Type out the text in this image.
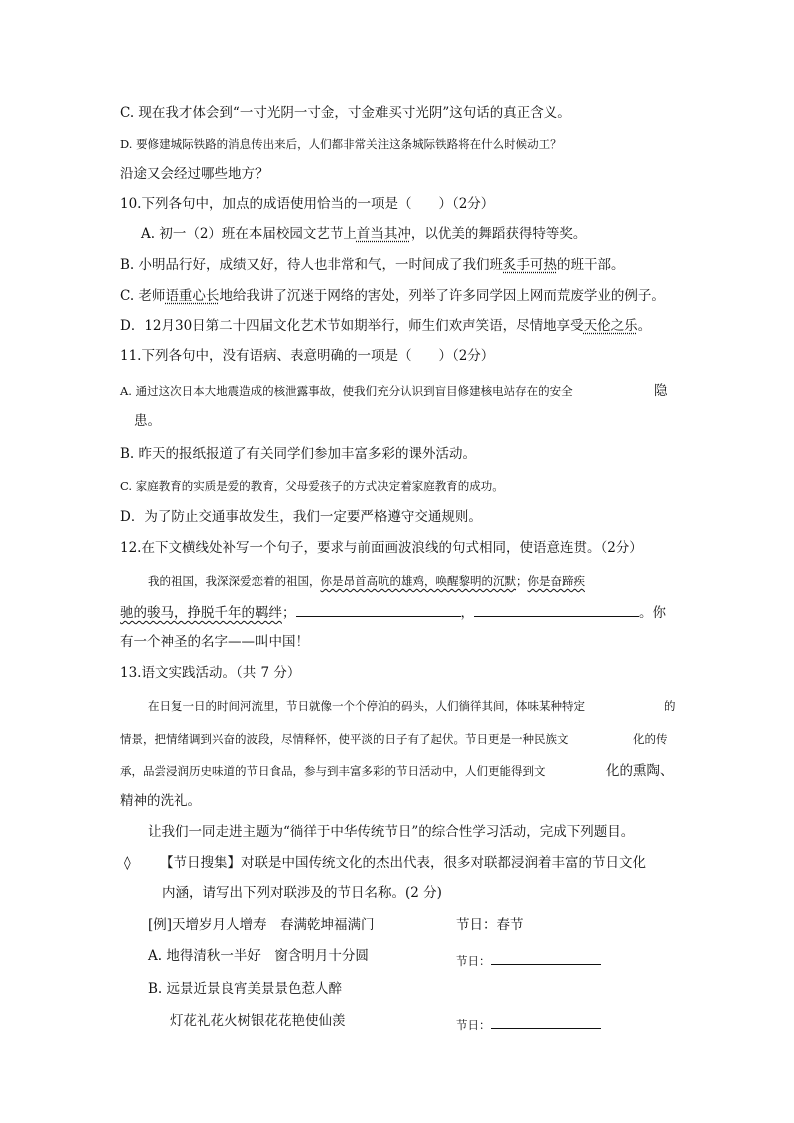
C. 现在我才体会到“一寸光阴一寸金，寸金难买寸光阴”这句话的真正含义。
D. 要修建城际铁路的消息传出来后，人们都非常关注这条城际铁路将在什么时候动工？
沿途又会经过哪些地方？
10.下列各句中，加点的成语使用恰当的一项是（　　）（2分）
A. 初一（2）班在本届校园文艺节上首当其冲，以优美的舞蹈获得特等奖。
B. 小明品行好，成绩又好，待人也非常和气，一时间成了我们班炙手可热的班干部。
C. 老师语重心长地给我讲了沉迷于网络的害处，列举了许多同学因上网而荒废学业的例子。
D．12月30日第二十四届文化艺术节如期举行，师生们欢声笑语，尽情地享受天伦之乐。
11.下列各句中，没有语病、表意明确的一项是（　　）（2分）
A. 通过这次日本大地震造成的核泄露事故，使我们充分认识到盲目修建核电站存在的安全	隐
患。
B. 昨天的报纸报道了有关同学们参加丰富多彩的课外活动。
C. 家庭教育的实质是爱的教育，父母爱孩子的方式决定着家庭教育的成功。
D．为了防止交通事故发生，我们一定要严格遵守交通规则。
12.在下文横线处补写一个句子，要求与前面画波浪线的句式相同，使语意连贯。（2分）
我的祖国，我深深爱恋着的祖国，你是昂首高吭的雄鸡，唤醒黎明的沉默；你是奋蹄疾
驰的骏马，挣脱千年的羁绊；	，	。你
有一个神圣的名字——叫中国！
13.语文实践活动。（共 7 分）
在日复一日的时间河流里，节日就像一个个停泊的码头，人们徜徉其间，体味某种特定	的
情景，把情绪调到兴奋的波段，尽情释怀，使平淡的日子有了起伏。节日更是一种民族文	化的传
承，品尝浸润历史味道的节日食品，参与到丰富多彩的节日活动中，人们更能得到文	化的熏陶、
精神的洗礼。
让我们一同走进主题为“徜徉于中华传统节日”的综合性学习活动，完成下列题目。
◊ 【节日搜集】对联是中国传统文化的杰出代表，很多对联都浸润着丰富的节日文化
内涵，请写出下列对联涉及的节日名称。(2 分)
[例]天增岁月人增寿　春满乾坤福满门	节日：春节
A. 地得清秋一半好　窗含明月十分圆	节日：
B. 远景近景良宵美景景色惹人醉
灯花礼花火树银花花艳使仙羡	节日：
